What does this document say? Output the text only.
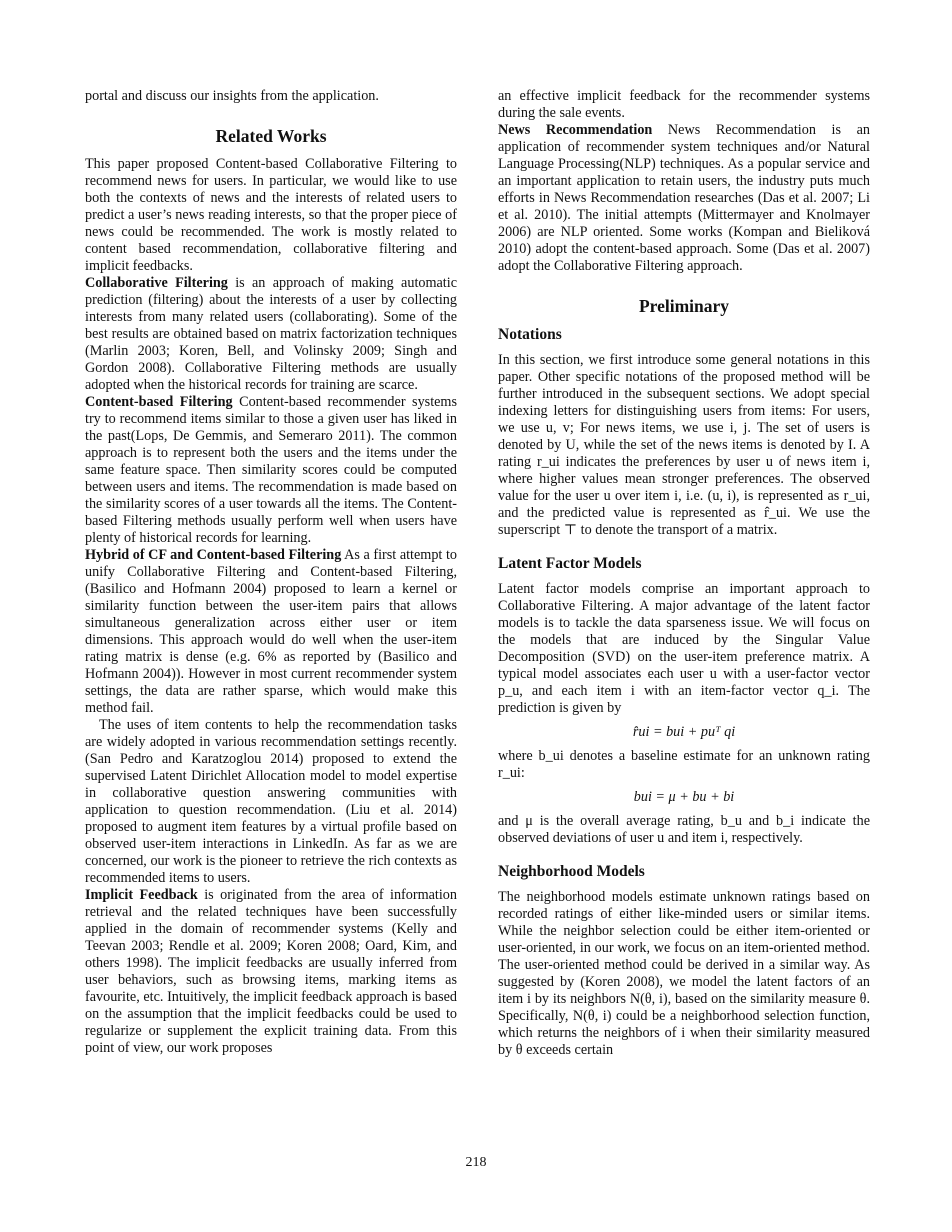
portal and discuss our insights from the application.

Related Works

This paper proposed Content-based Collaborative Filtering to recommend news for users. In particular, we would like to use both the contexts of news and the interests of related users to predict a user’s news reading interests, so that the proper piece of news could be recommended. The work is mostly related to content based recommendation, collaborative filtering and implicit feedbacks.

Collaborative Filtering is an approach of making automatic prediction (filtering) about the interests of a user by collecting interests from many related users (collaborating). Some of the best results are obtained based on matrix factorization techniques (Marlin 2003; Koren, Bell, and Volinsky 2009; Singh and Gordon 2008). Collaborative Filtering methods are usually adopted when the historical records for training are scarce.

Content-based Filtering Content-based recommender systems try to recommend items similar to those a given user has liked in the past(Lops, De Gemmis, and Semeraro 2011). The common approach is to represent both the users and the items under the same feature space. Then similarity scores could be computed between users and items. The recommendation is made based on the similarity scores of a user towards all the items. The Content-based Filtering methods usually perform well when users have plenty of historical records for learning.

Hybrid of CF and Content-based Filtering As a first attempt to unify Collaborative Filtering and Content-based Filtering, (Basilico and Hofmann 2004) proposed to learn a kernel or similarity function between the user-item pairs that allows simultaneous generalization across either user or item dimensions. This approach would do well when the user-item rating matrix is dense (e.g. 6% as reported by (Basilico and Hofmann 2004)). However in most current recommender system settings, the data are rather sparse, which would make this method fail.

The uses of item contents to help the recommendation tasks are widely adopted in various recommendation settings recently. (San Pedro and Karatzoglou 2014) proposed to extend the supervised Latent Dirichlet Allocation model to model expertise in collaborative question answering communities with application to question recommendation. (Liu et al. 2014) proposed to augment item features by a virtual profile based on observed user-item interactions in LinkedIn. As far as we are concerned, our work is the pioneer to retrieve the rich contexts as recommended items to users.

Implicit Feedback is originated from the area of information retrieval and the related techniques have been successfully applied in the domain of recommender systems (Kelly and Teevan 2003; Rendle et al. 2009; Koren 2008; Oard, Kim, and others 1998). The implicit feedbacks are usually inferred from user behaviors, such as browsing items, marking items as favourite, etc. Intuitively, the implicit feedback approach is based on the assumption that the implicit feedbacks could be used to regularize or supplement the explicit training data. From this point of view, our work proposes

an effective implicit feedback for the recommender systems during the sale events.

News Recommendation News Recommendation is an application of recommender system techniques and/or Natural Language Processing(NLP) techniques. As a popular service and an important application to retain users, the industry puts much efforts in News Recommendation researches (Das et al. 2007; Li et al. 2010). The initial attempts (Mittermayer and Knolmayer 2006) are NLP oriented. Some works (Kompan and Bieliková 2010) adopt the content-based approach. Some (Das et al. 2007) adopt the Collaborative Filtering approach.

Preliminary
Notations

In this section, we first introduce some general notations in this paper. Other specific notations of the proposed method will be further introduced in the subsequent sections. We adopt special indexing letters for distinguishing users from items: For users, we use u, v; For news items, we use i, j. The set of users is denoted by U, while the set of the news items is denoted by I. A rating r_ui indicates the preferences by user u of news item i, where higher values mean stronger preferences. The observed value for the user u over item i, i.e. (u, i), is represented as r_ui, and the predicted value is represented as r̂_ui. We use the superscript ⊤ to denote the transport of a matrix.

Latent Factor Models

Latent factor models comprise an important approach to Collaborative Filtering. A major advantage of the latent factor models is to tackle the data sparseness issue. We will focus on the models that are induced by the Singular Value Decomposition (SVD) on the user-item preference matrix. A typical model associates each user u with a user-factor vector p_u, and each item i with an item-factor vector q_i. The prediction is given by

r̂ui = bui + puᵀ qi

where b_ui denotes a baseline estimate for an unknown rating r_ui:

bui = μ + bu + bi

and μ is the overall average rating, b_u and b_i indicate the observed deviations of user u and item i, respectively.

Neighborhood Models

The neighborhood models estimate unknown ratings based on recorded ratings of either like-minded users or similar items. While the neighbor selection could be either item-oriented or user-oriented, in our work, we focus on an item-oriented method. The user-oriented method could be derived in a similar way. As suggested by (Koren 2008), we model the latent factors of an item i by its neighbors N(θ, i), based on the similarity measure θ. Specifically, N(θ, i) could be a neighborhood selection function, which returns the neighbors of i when their similarity measured by θ exceeds certain

218
